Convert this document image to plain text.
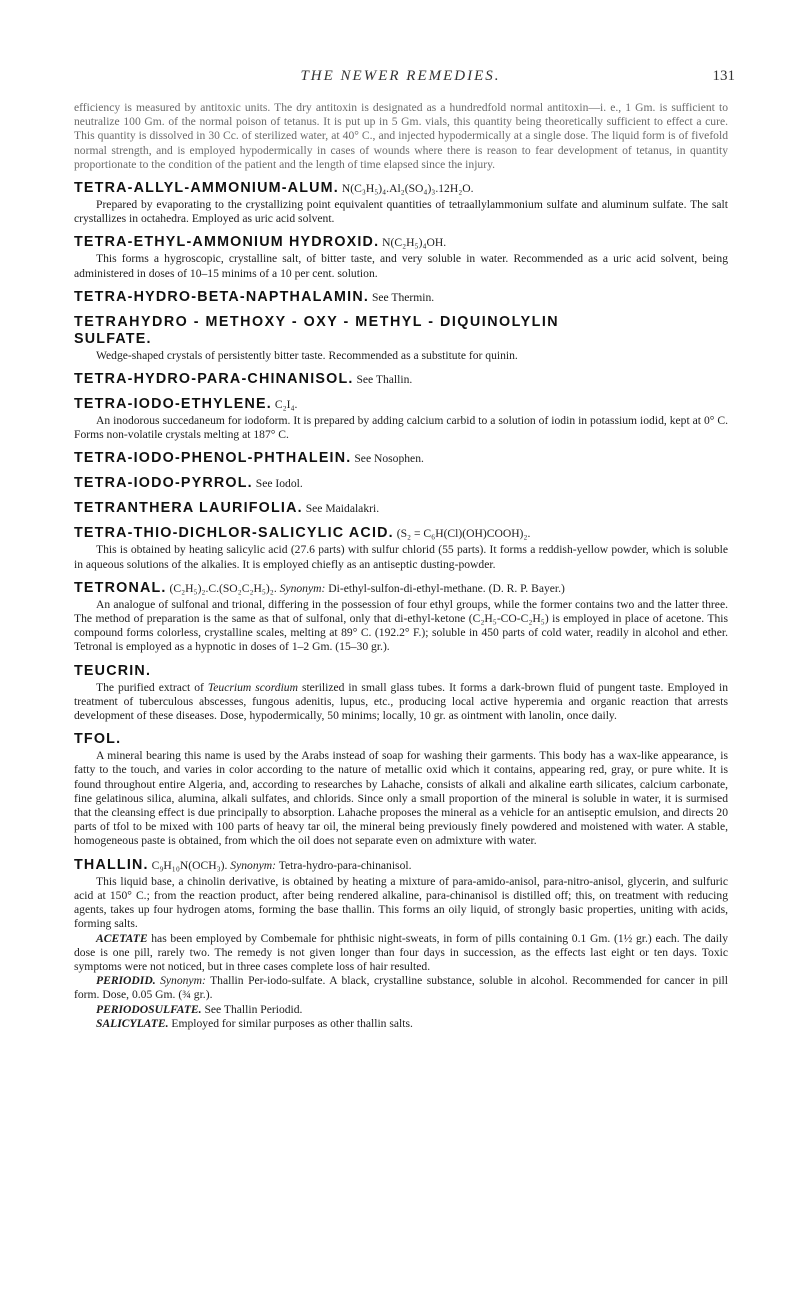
THE NEWER REMEDIES.	131

efficiency is measured by antitoxic units. The dry antitoxin is designated as a hundredfold normal antitoxin—i. e., 1 Gm. is sufficient to neutralize 100 Gm. of the normal poison of tetanus. It is put up in 5 Gm. vials, this quantity being theoretically sufficient to effect a cure. This quantity is dissolved in 30 Cc. of sterilized water, at 40° C., and injected hypodermically at a single dose. The liquid form is of fivefold normal strength, and is employed hypodermically in cases of wounds where there is reason to fear development of tetanus, in quantity proportionate to the condition of the patient and the length of time elapsed since the injury.

TETRA-ALLYL-AMMONIUM-ALUM. N(C₃H₅)₄.Al₂(SO₄)₃.12H₂O.

Prepared by evaporating to the crystallizing point equivalent quantities of tetraallylammonium sulfate and aluminum sulfate. The salt crystallizes in octahedra. Employed as uric acid solvent.

TETRA-ETHYL-AMMONIUM HYDROXID. N(C₂H₅)₄OH.

This forms a hygroscopic, crystalline salt, of bitter taste, and very soluble in water. Recommended as a uric acid solvent, being administered in doses of 10–15 minims of a 10 per cent. solution.

TETRA-HYDRO-BETA-NAPTHALAMIN. See Thermin.
TETRAHYDRO - METHOXY - OXY - METHYL - DIQUINOLYLIN
SULFATE.

Wedge-shaped crystals of persistently bitter taste. Recommended as a substitute for quinin.

TETRA-HYDRO-PARA-CHINANISOL. See Thallin.
TETRA-IODO-ETHYLENE. C₂I₄.

An inodorous succedaneum for iodoform. It is prepared by adding calcium carbid to a solution of iodin in potassium iodid, kept at 0° C. Forms non-volatile crystals melting at 187° C.

TETRA-IODO-PHENOL-PHTHALEIN. See Nosophen.
TETRA-IODO-PYRROL. See Iodol.
TETRANTHERA LAURIFOLIA. See Maidalakri.
TETRA-THIO-DICHLOR-SALICYLIC ACID. (S₂ = C₆H(Cl)(OH)COOH)₂.

This is obtained by heating salicylic acid (27.6 parts) with sulfur chlorid (55 parts). It forms a reddish-yellow powder, which is soluble in aqueous solutions of the alkalies. It is employed chiefly as an antiseptic dusting-powder.

TETRONAL. (C₂H₅)₂.C.(SO₂C₂H₅)₂. Synonym: Di-ethyl-sulfon-di-ethyl-methane. (D. R. P. Bayer.)

An analogue of sulfonal and trional, differing in the possession of four ethyl groups, while the former contains two and the latter three. The method of preparation is the same as that of sulfonal, only that di-ethyl-ketone (C₂H₅-CO-C₂H₅) is employed in place of acetone. This compound forms colorless, crystalline scales, melting at 89° C. (192.2° F.); soluble in 450 parts of cold water, readily in alcohol and ether. Tetronal is employed as a hypnotic in doses of 1–2 Gm. (15–30 gr.).

TEUCRIN.

The purified extract of Teucrium scordium sterilized in small glass tubes. It forms a dark-brown fluid of pungent taste. Employed in treatment of tuberculous abscesses, fungous adenitis, lupus, etc., producing local active hyperemia and organic reaction that arrests development of these diseases. Dose, hypodermically, 50 minims; locally, 10 gr. as ointment with lanolin, once daily.

TFOL.

A mineral bearing this name is used by the Arabs instead of soap for washing their garments. This body has a wax-like appearance, is fatty to the touch, and varies in color according to the nature of metallic oxid which it contains, appearing red, gray, or pure white. It is found throughout entire Algeria, and, according to researches by Lahache, consists of alkali and alkaline earth silicates, calcium carbonate, fine gelatinous silica, alumina, alkali sulfates, and chlorids. Since only a small proportion of the mineral is soluble in water, it is surmised that the cleansing effect is due principally to absorption. Lahache proposes the mineral as a vehicle for an antiseptic emulsion, and directs 20 parts of tfol to be mixed with 100 parts of heavy tar oil, the mineral being previously finely powdered and moistened with water. A stable, homogeneous paste is obtained, from which the oil does not separate even on admixture with water.

THALLIN. C₉H₁₀N(OCH₃). Synonym: Tetra-hydro-para-chinanisol.

This liquid base, a chinolin derivative, is obtained by heating a mixture of para-amido-anisol, para-nitro-anisol, glycerin, and sulfuric acid at 150° C.; from the reaction product, after being rendered alkaline, para-chinanisol is distilled off; this, on treatment with reducing agents, takes up four hydrogen atoms, forming the base thallin. This forms an oily liquid, of strongly basic properties, uniting with acids, forming salts.

ACETATE has been employed by Combemale for phthisic night-sweats, in form of pills containing 0.1 Gm. (1½ gr.) each. The daily dose is one pill, rarely two. The remedy is not given longer than four days in succession, as the effects last eight or ten days. Toxic symptoms were not noticed, but in three cases complete loss of hair resulted.

PERIODID. Synonym: Thallin Per-iodo-sulfate. A black, crystalline substance, soluble in alcohol. Recommended for cancer in pill form. Dose, 0.05 Gm. (¾ gr.).

PERIODOSULFATE. See Thallin Periodid.

SALICYLATE. Employed for similar purposes as other thallin salts.
